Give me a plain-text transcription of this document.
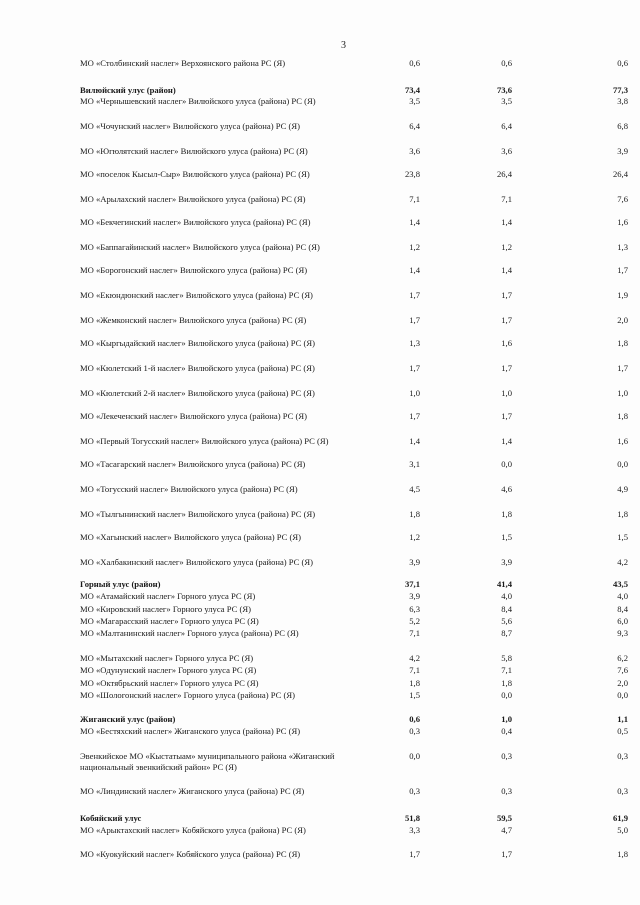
3
МО «Столбинский наслег» Верхоянского района РС (Я)	0,6	0,6	0,6
Вилюйский улус (район)	73,4	73,6	77,3
МО «Чернышевский наслег» Вилюйского улуса (района) РС (Я)	3,5	3,5	3,8
МО «Чочунский наслег» Вилюйского улуса (района) РС (Я)	6,4	6,4	6,8
МО «Югюлятский наслег» Вилюйского улуса (района) РС (Я)	3,6	3,6	3,9
МО «поселок Кысыл-Сыр» Вилюйского улуса (района) РС (Я)	23,8	26,4	26,4
МО «Арылахский наслег» Вилюйского улуса (района) РС (Я)	7,1	7,1	7,6
МО «Бекчегинский наслег» Вилюйского улуса (района) РС (Я)	1,4	1,4	1,6
МО «Баппагайинский наслег» Вилюйского улуса (района) РС (Я)	1,2	1,2	1,3
МО «Борогонский наслег» Вилюйского улуса (района) РС (Я)	1,4	1,4	1,7
МО «Екюндюнский наслег» Вилюйского улуса (района) РС (Я)	1,7	1,7	1,9
МО «Жемконский наслег» Вилюйского улуса (района) РС (Я)	1,7	1,7	2,0
МО «Кыргыдайский наслег» Вилюйского улуса (района) РС (Я)	1,3	1,6	1,8
МО «Кюлетский 1-й наслег» Вилюйского улуса (района) РС (Я)	1,7	1,7	1,7
МО «Кюлетский 2-й наслег» Вилюйского улуса (района) РС (Я)	1,0	1,0	1,0
МО «Лекеченский наслег» Вилюйского улуса (района) РС (Я)	1,7	1,7	1,8
МО «Первый Тогусский наслег» Вилюйского улуса (района) РС (Я)	1,4	1,4	1,6
МО «Тасагарский наслег» Вилюйского улуса (района) РС (Я)	3,1	0,0	0,0
МО «Тогусский наслег» Вилюйского улуса (района) РС (Я)	4,5	4,6	4,9
МО «Тылгынинский наслег» Вилюйского улуса (района) РС (Я)	1,8	1,8	1,8
МО «Хагынский наслег» Вилюйского улуса (района) РС (Я)	1,2	1,5	1,5
МО «Халбакинский наслег» Вилюйского улуса (района) РС (Я)	3,9	3,9	4,2
Горный улус (район)	37,1	41,4	43,5
МО «Атамайский наслег» Горного улуса РС (Я)	3,9	4,0	4,0
МО «Кировский наслег» Горного улуса РС (Я)	6,3	8,4	8,4
МО «Магарасский наслег» Горного улуса РС (Я)	5,2	5,6	6,0
МО «Малтанинский наслег» Горного улуса (района) РС (Я)	7,1	8,7	9,3
МО «Мытахский наслег» Горного улуса РС (Я)	4,2	5,8	6,2
МО «Одунунский наслег» Горного улуса РС (Я)	7,1	7,1	7,6
МО «Октябрьский наслег» Горного улуса РС (Я)	1,8	1,8	2,0
МО «Шологонский наслег» Горного улуса (района) РС (Я)	1,5	0,0	0,0
Жиганский улус (район)	0,6	1,0	1,1
МО «Бестяхский наслег» Жиганского улуса (района) РС (Я)	0,3	0,4	0,5
Эвенкийское МО «Кыстатыам» муниципального района «Жиганский национальный эвенкийский район» РС (Я)
0,0	0,3	0,3
МО «Линдинский наслег» Жиганского улуса (района) РС (Я)	0,3	0,3	0,3
Кобяйский улус	51,8	59,5	61,9
МО «Арыктахский наслег» Кобяйского улуса (района) РС (Я)	3,3	4,7	5,0
МО «Куокуйский наслег» Кобяйского улуса (района) РС (Я)	1,7	1,7	1,8
